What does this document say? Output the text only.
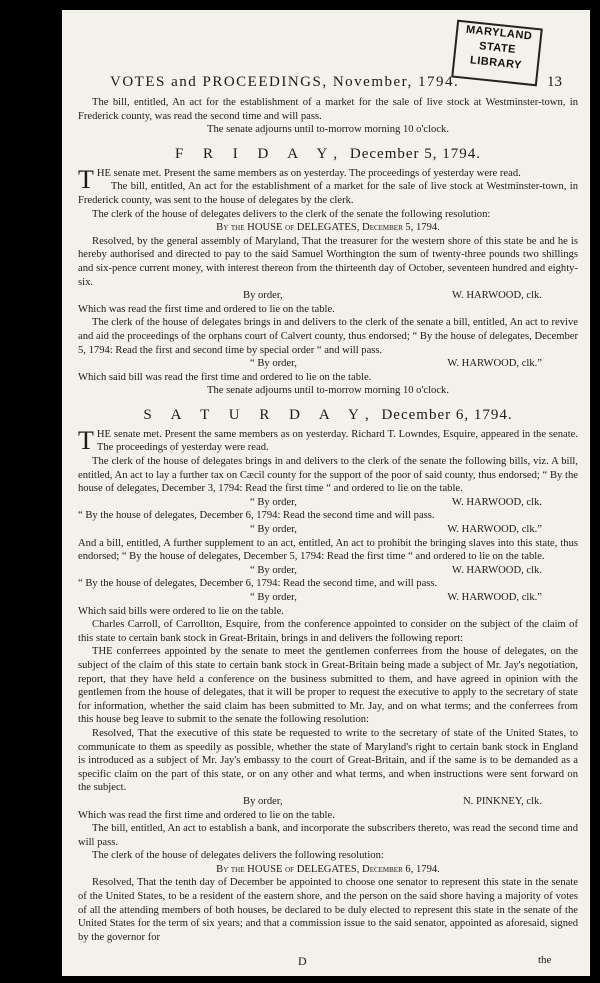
MARYLAND
STATE
LIBRARY
VOTES and PROCEEDINGS, November, 1794.	13

The bill, entitled, An act for the establishment of a market for the sale of live stock at Westminster-town, in Frederick county, was read the second time and will pass.

The senate adjourns until to-morrow morning 10 o'clock.

F R I D A Y, December 5, 1794.

THE senate met. Present the same members as on yesterday. The proceedings of yesterday were read.

The bill, entitled, An act for the establishment of a market for the sale of live stock at Westminster-town, in Frederick county, was sent to the house of delegates by the clerk.

The clerk of the house of delegates delivers to the clerk of the senate the following resolution:

By the HOUSE of DELEGATES, December 5, 1794.

Resolved, by the general assembly of Maryland, That the treasurer for the western shore of this state be and he is hereby authorised and directed to pay to the said Samuel Worthington the sum of twenty-three pounds two shillings and six-pence current money, with interest thereon from the thirteenth day of October, seventeen hundred and eighty-six.

By order,	W. HARWOOD, clk.

Which was read the first time and ordered to lie on the table.

The clerk of the house of delegates brings in and delivers to the clerk of the senate a bill, entitled, An act to revive and aid the proceedings of the orphans court of Calvert county, thus endorsed; “ By the house of delegates, December 5, 1794: Read the first and second time by special order “ and will pass.

“ By order,	W. HARWOOD, clk.”

Which said bill was read the first time and ordered to lie on the table.

The senate adjourns until to-morrow morning 10 o'clock.

S A T U R D A Y, December 6, 1794.

THE senate met. Present the same members as on yesterday. Richard T. Lowndes, Esquire, appeared in the senate. The proceedings of yesterday were read.

The clerk of the house of delegates brings in and delivers to the clerk of the senate the following bills, viz. A bill, entitled, An act to lay a further tax on Cæcil county for the support of the poor of said county, thus endorsed; “ By the house of delegates, December 3, 1794: Read the first time “ and ordered to lie on the table.

“ By order,	W. HARWOOD, clk.

“ By the house of delegates, December 6, 1794: Read the second time and will pass.

“ By order,	W. HARWOOD, clk.”

And a bill, entitled, A further supplement to an act, entitled, An act to prohibit the bringing slaves into this state, thus endorsed; “ By the house of delegates, December 5, 1794: Read the first time “ and ordered to lie on the table.

“ By order,	W. HARWOOD, clk.

“ By the house of delegates, December 6, 1794: Read the second time, and will pass.

“ By order,	W. HARWOOD, clk.”

Which said bills were ordered to lie on the table.

Charles Carroll, of Carrollton, Esquire, from the conference appointed to consider on the subject of the claim of this state to certain bank stock in Great-Britain, brings in and delivers the following report:

THE conferrees appointed by the senate to meet the gentlemen conferrees from the house of delegates, on the subject of the claim of this state to certain bank stock in Great-Britain being made a subject of Mr. Jay's negotiation, report, that they have held a conference on the business submitted to them, and have agreed in opinion with the gentlemen from the house of delegates, that it will be proper to request the executive to apply to the secretary of state for information, whether the said claim has been submitted to Mr. Jay, and on what terms; and the conferrees from this house beg leave to submit to the senate the following resolution:

Resolved, That the executive of this state be requested to write to the secretary of state of the United States, to communicate to them as speedily as possible, whether the state of Maryland's right to certain bank stock in England is introduced as a subject of Mr. Jay's embassy to the court of Great-Britain, and if the same is to be demanded as a specific claim on the part of this state, or on any other and what terms, and when instructions were sent forward on the subject.

By order,	N. PINKNEY, clk.

Which was read the first time and ordered to lie on the table.

The bill, entitled, An act to establish a bank, and incorporate the subscribers thereto, was read the second time and will pass.

The clerk of the house of delegates delivers the following resolution:

By the HOUSE of DELEGATES, December 6, 1794.

Resolved, That the tenth day of December be appointed to choose one senator to represent this state in the senate of the United States, to be a resident of the eastern shore, and the person on the said shore having a majority of votes of all the attending members of both houses, be declared to be duly elected to represent this state in the senate of the United States for the term of six years; and that a commission issue to the said senator, appointed as aforesaid, signed by the governor for

D	the
